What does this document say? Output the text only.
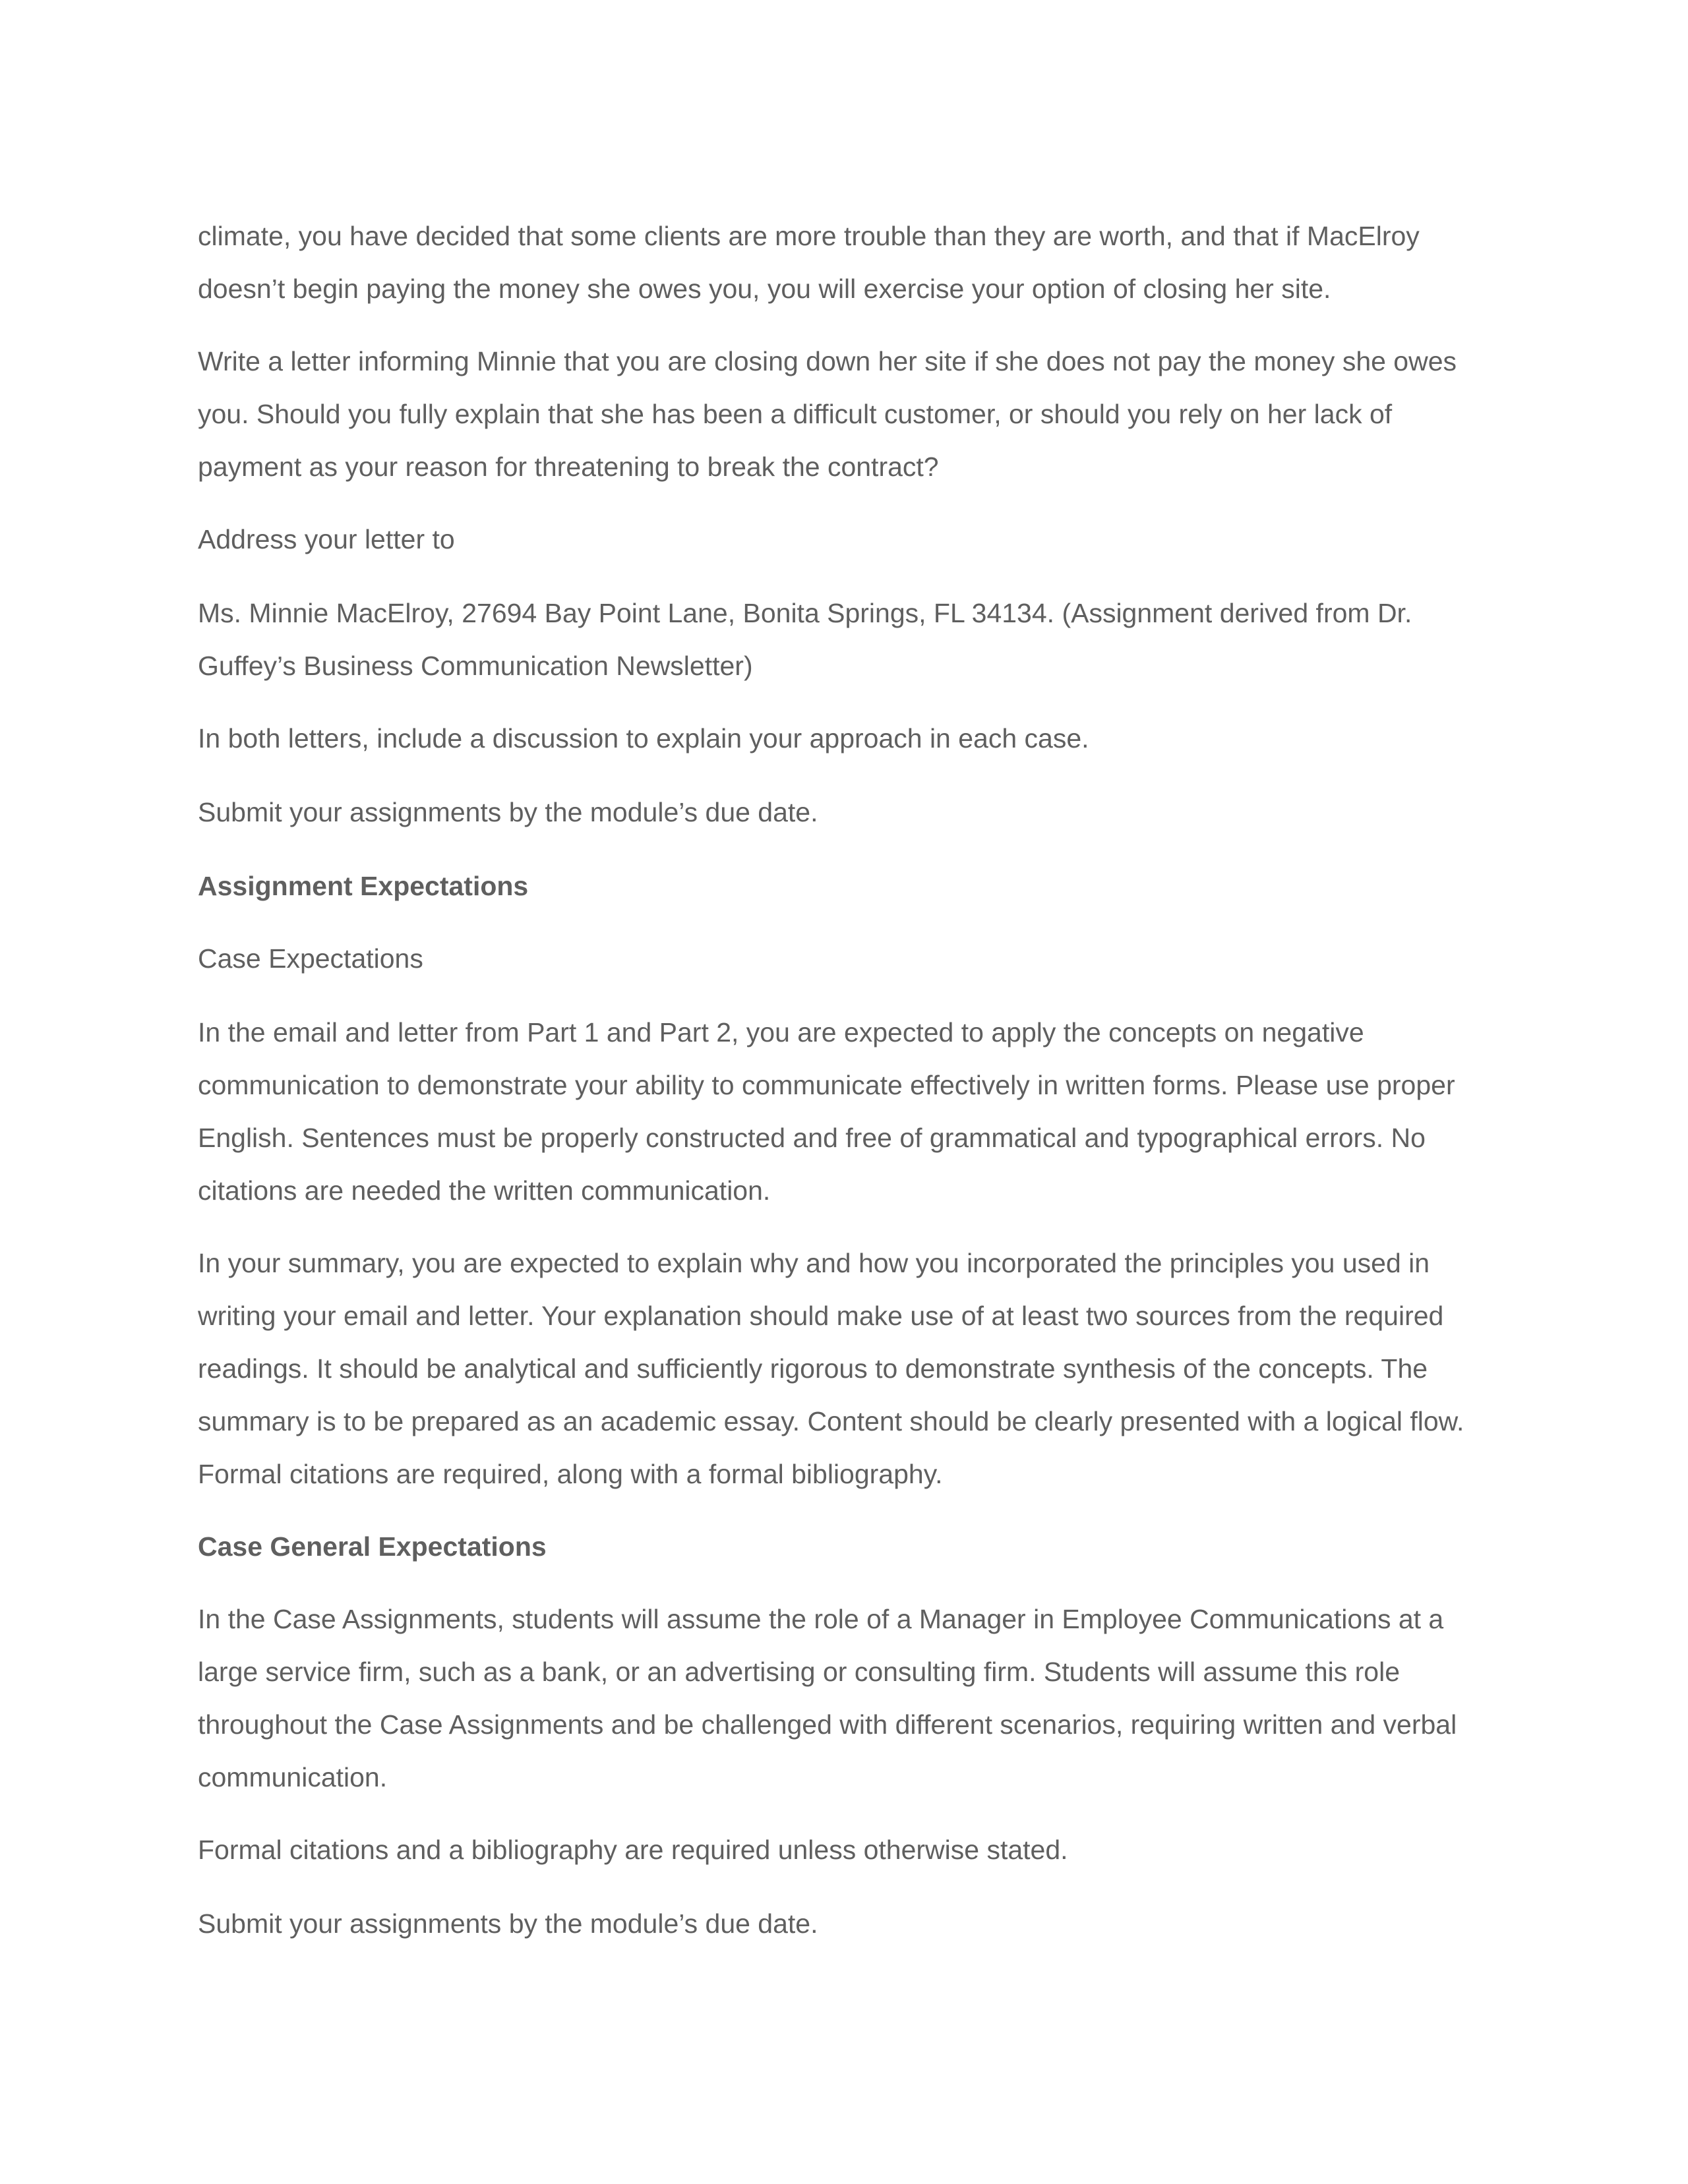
climate, you have decided that some clients are more trouble than they are worth, and that if MacElroy doesn’t begin paying the money she owes you, you will exercise your option of closing her site.

Write a letter informing Minnie that you are closing down her site if she does not pay the money she owes you. Should you fully explain that she has been a difficult customer, or should you rely on her lack of payment as your reason for threatening to break the contract?

Address your letter to

Ms. Minnie MacElroy, 27694 Bay Point Lane, Bonita Springs, FL 34134. (Assignment derived from Dr. Guffey’s Business Communication Newsletter)

In both letters, include a discussion to explain your approach in each case.

Submit your assignments by the module’s due date.

Assignment Expectations

Case Expectations

In the email and letter from Part 1 and Part 2, you are expected to apply the concepts on negative communication to demonstrate your ability to communicate effectively in written forms. Please use proper English. Sentences must be properly constructed and free of grammatical and typographical errors. No citations are needed the written communication.

In your summary, you are expected to explain why and how you incorporated the principles you used in writing your email and letter. Your explanation should make use of at least two sources from the required readings. It should be analytical and sufficiently rigorous to demonstrate synthesis of the concepts. The summary is to be prepared as an academic essay. Content should be clearly presented with a logical flow. Formal citations are required, along with a formal bibliography.

Case General Expectations

In the Case Assignments, students will assume the role of a Manager in Employee Communications at a large service firm, such as a bank, or an advertising or consulting firm. Students will assume this role throughout the Case Assignments and be challenged with different scenarios, requiring written and verbal communication.

Formal citations and a bibliography are required unless otherwise stated.

Submit your assignments by the module’s due date.
